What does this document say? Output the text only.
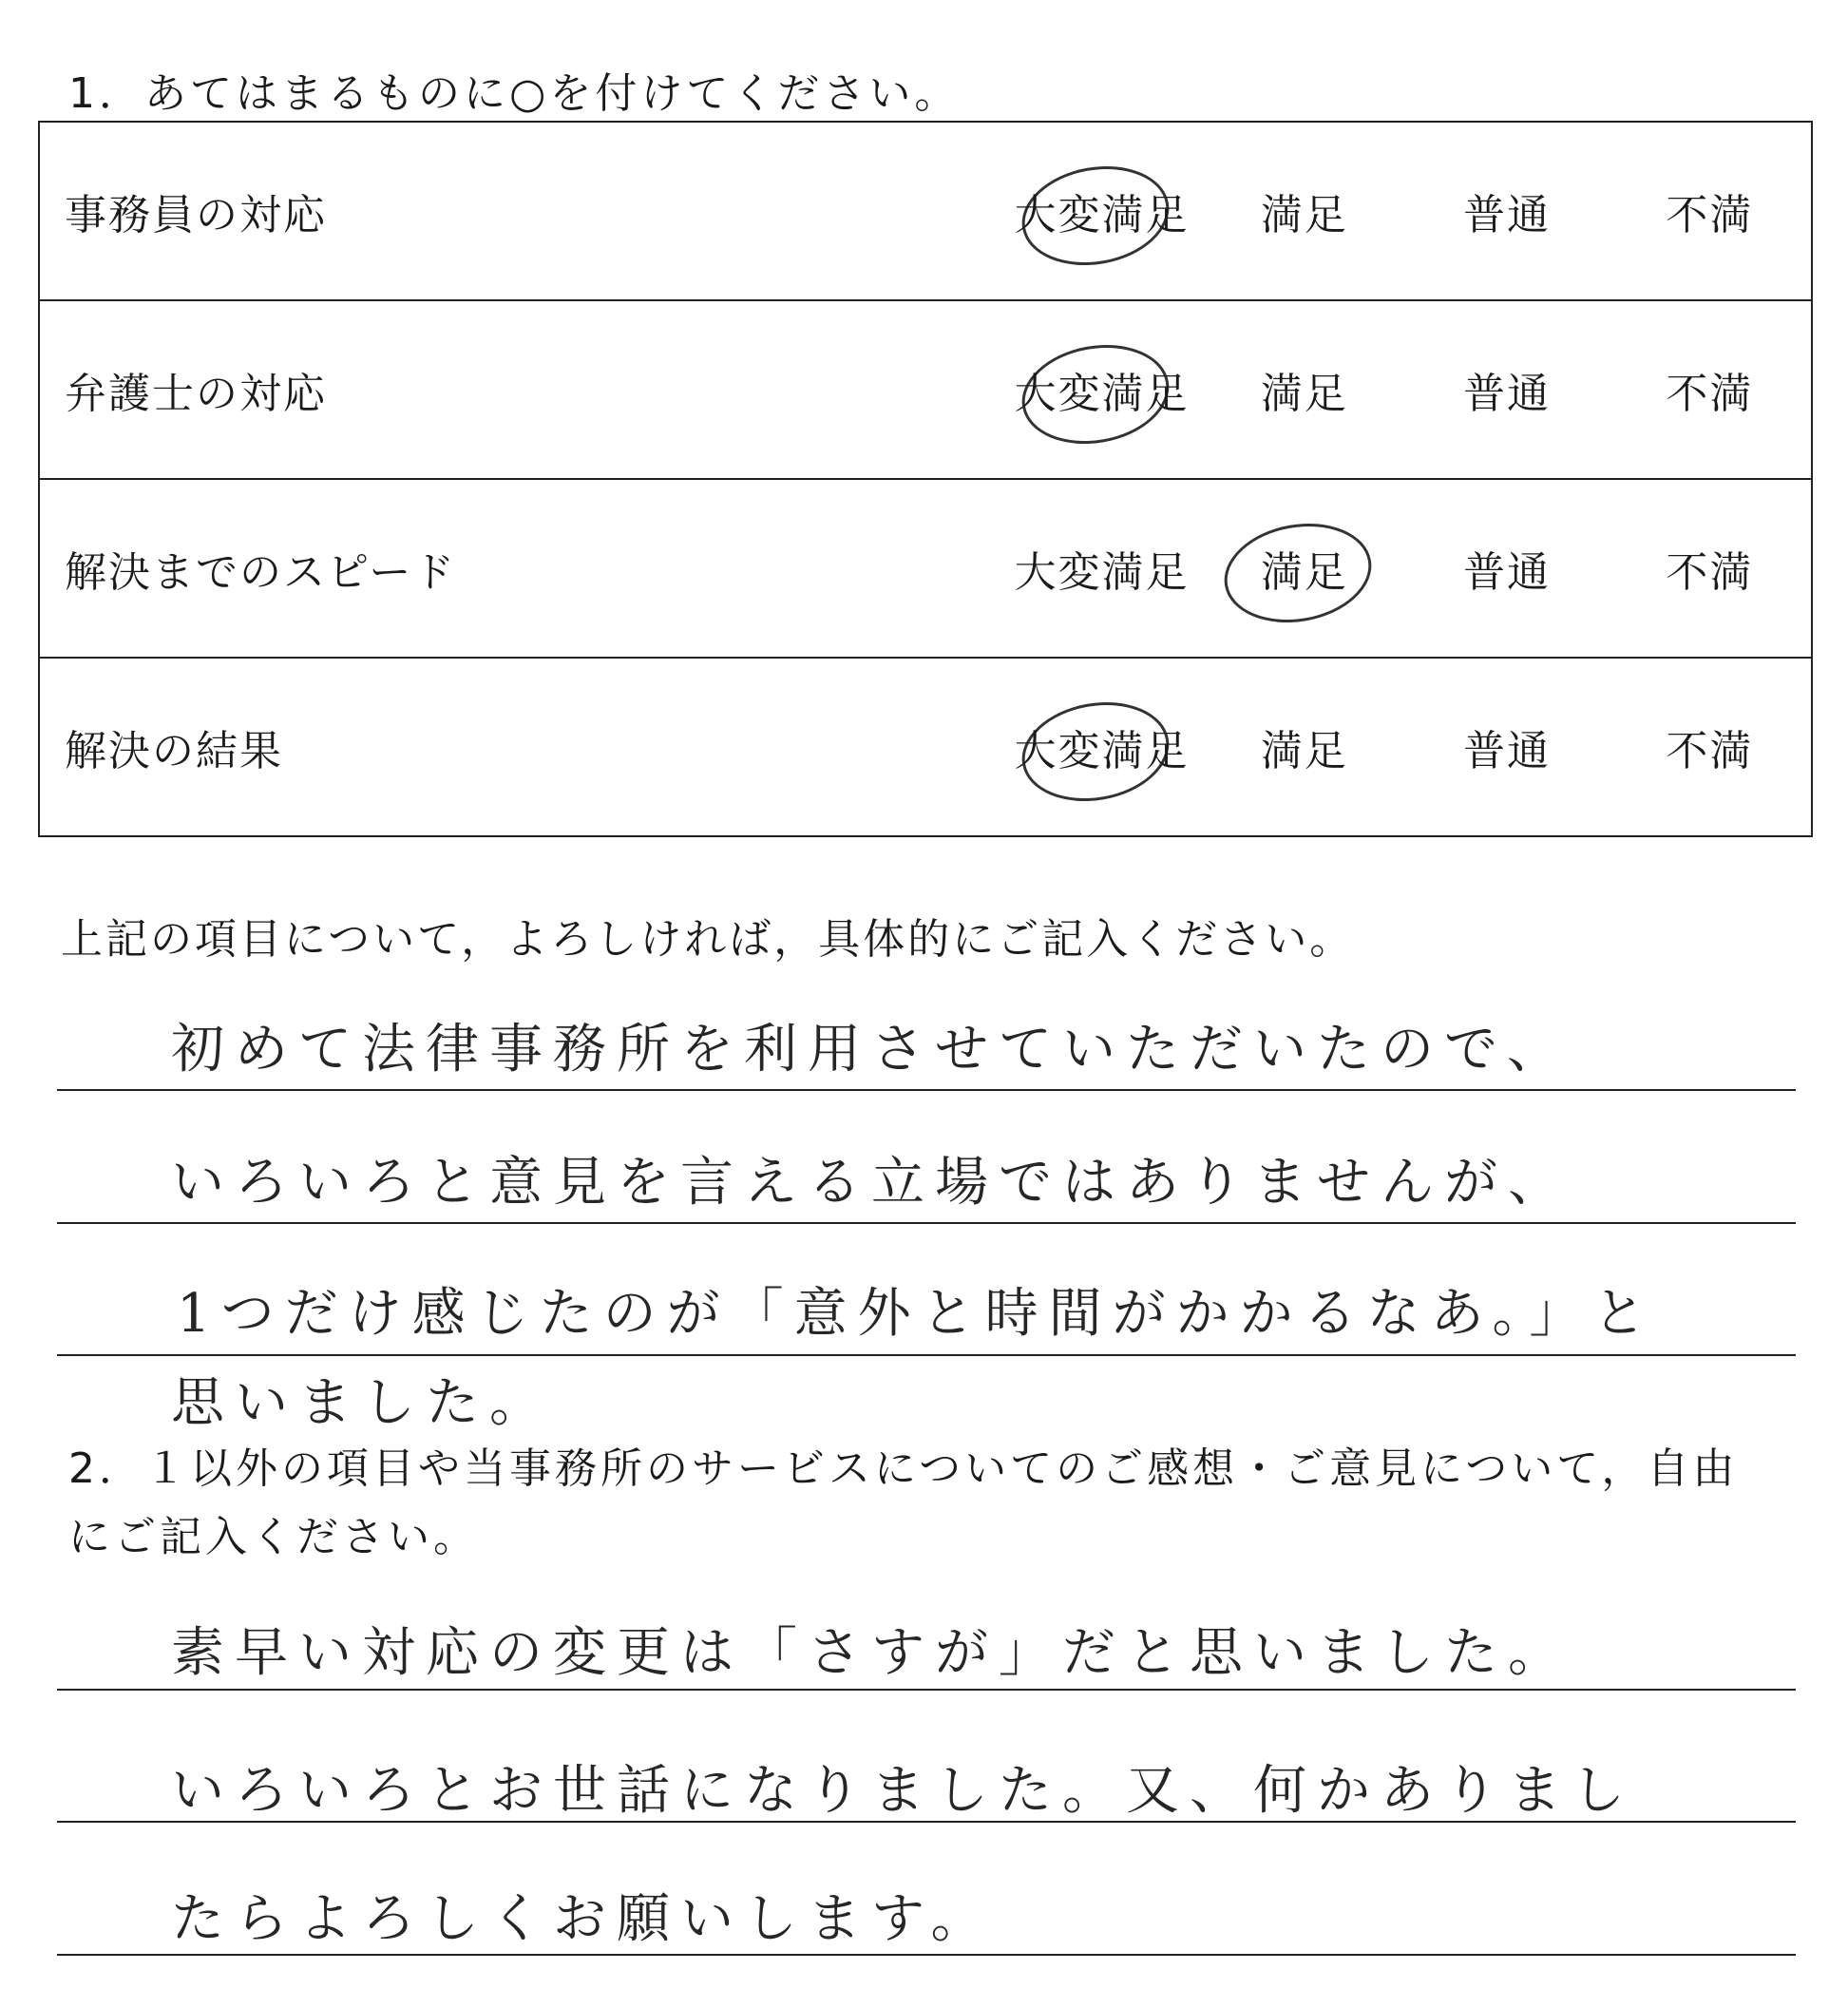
1．あてはまるものに○を付けてください。
事務員の対応	大変満足	満足	普通	不満
弁護士の対応	大変満足	満足	普通	不満
解決までのスピード	大変満足	満足	普通	不満
解決の結果	大変満足	満足	普通	不満
上記の項目について，よろしければ，具体的にご記入ください。
初めて法律事務所を利用させていただいたので、
いろいろと意見を言える立場ではありませんが、
1つだけ感じたのが「意外と時間がかかるなあ。」と
思いました。
2．１以外の項目や当事務所のサービスについてのご感想・ご意見について，自由にご記入ください。
素早い対応の変更は「さすが」だと思いました。
いろいろとお世話になりました。又、何かありまし
たらよろしくお願いします。
